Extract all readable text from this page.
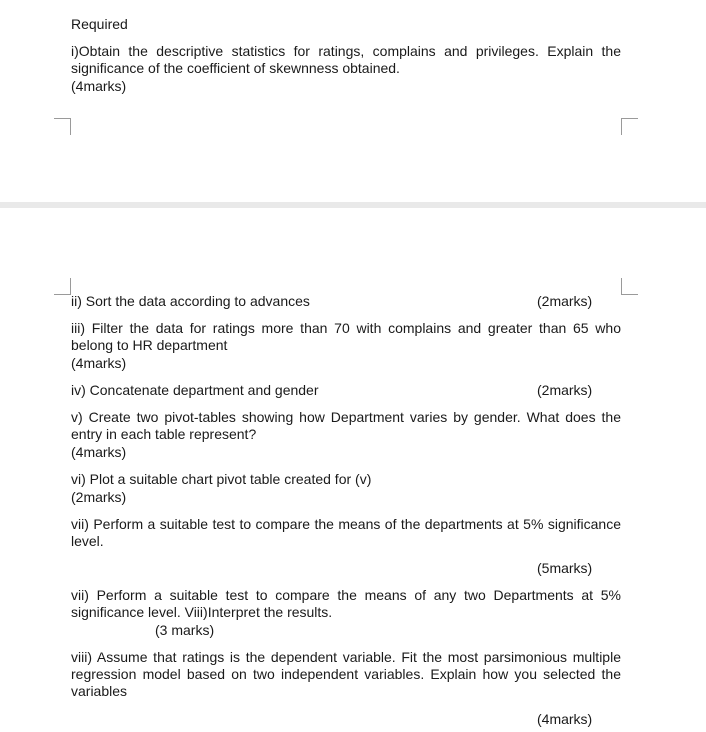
Required
i)Obtain the descriptive statistics for ratings, complains and privileges. Explain the significance of the coefficient of skewnness obtained.
(4marks)
ii) Sort the data according to advances	(2marks)
iii) Filter the data for ratings more than 70 with complains and greater than 65 who belong to HR department
(4marks)
iv) Concatenate department and gender	(2marks)
v) Create two pivot-tables showing how Department varies by gender. What does the entry in each table represent?
(4marks)
vi) Plot a suitable chart pivot table created for (v)
(2marks)
vii) Perform a suitable test to compare the means of the departments at 5% significance level.
(5marks)
vii) Perform a suitable test to compare the means of any two Departments at 5% significance level. Viii)Interpret the results.
(3 marks)
viii) Assume that ratings is the dependent variable. Fit the most parsimonious multiple regression model based on two independent variables. Explain how you selected the variables
(4marks)
